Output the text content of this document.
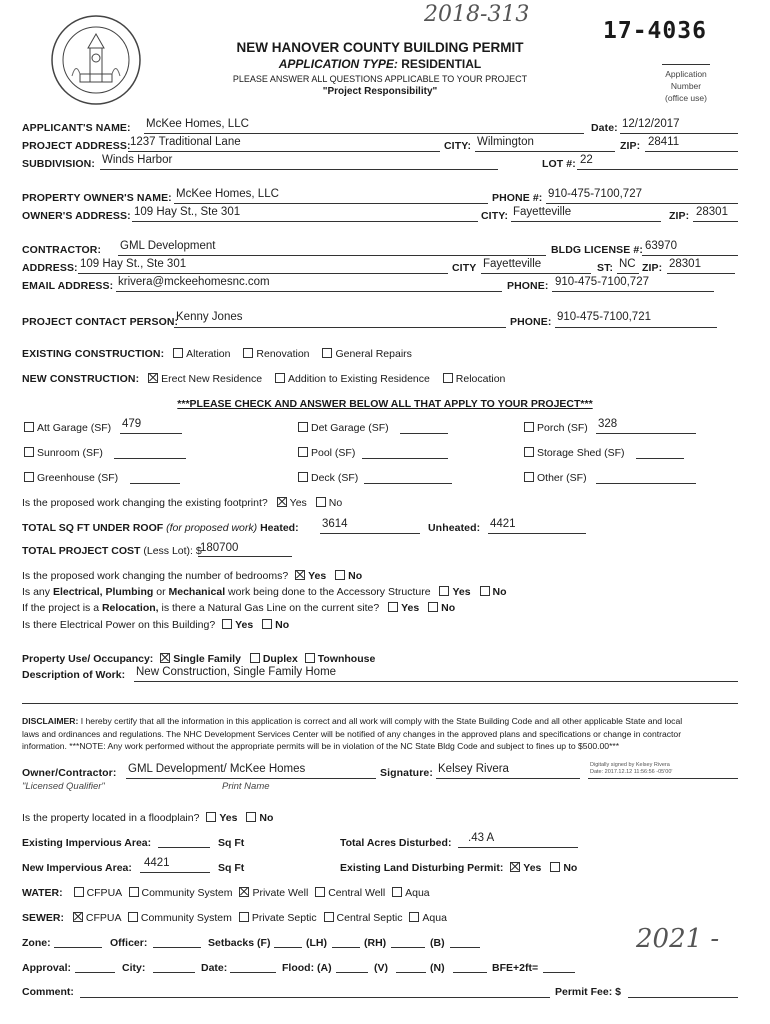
2018-313
17-4036
NEW HANOVER COUNTY BUILDING PERMIT
APPLICATION TYPE: RESIDENTIAL
PLEASE ANSWER ALL QUESTIONS APPLICABLE TO YOUR PROJECT
"Project Responsibility"
Application
Number
(office use)
APPLICANT'S NAME: McKee Homes, LLC	Date: 12/12/2017
PROJECT ADDRESS: 1237 Traditional Lane	CITY: Wilmington	ZIP: 28411
SUBDIVISION: Winds Harbor	LOT #: 22
PROPERTY OWNER'S NAME: McKee Homes, LLC	PHONE #: 910-475-7100,727
OWNER'S ADDRESS: 109 Hay St., Ste 301	CITY: Fayetteville	ZIP: 28301
CONTRACTOR: GML Development	BLDG LICENSE #: 63970
ADDRESS: 109 Hay St., Ste 301	CITY Fayetteville	ST: NC ZIP: 28301
EMAIL ADDRESS: krivera@mckeehomesnc.com	PHONE: 910-475-7100,727
PROJECT CONTACT PERSON:
Kenny Jones	PHONE: 910-475-7100,721
EXISTING CONSTRUCTION: Alteration Renovation General Repairs
NEW CONSTRUCTION: Erect New Residence Addition to Existing Residence Relocation
***PLEASE CHECK AND ANSWER BELOW ALL THAT APPLY TO YOUR PROJECT***
Att Garage (SF) 479	Det Garage (SF)	Porch (SF) 328
Sunroom (SF)	Pool (SF)	Storage Shed (SF)
Greenhouse (SF)	Deck (SF)	Other (SF)
Is the proposed work changing the existing footprint? Yes No
TOTAL SQ FT UNDER ROOF (for proposed work) Heated: 3614	Unheated: 4421
TOTAL PROJECT COST (Less Lot): $
180700
Is the proposed work changing the number of bedrooms? Yes No
Is any Electrical, Plumbing or Mechanical work being done to the Accessory Structure Yes No
If the project is a Relocation, is there a Natural Gas Line on the current site? Yes No
Is there Electrical Power on this Building? Yes No
Property Use/ Occupancy: Single Family Duplex Townhouse
Description of Work: New Construction, Single Family Home
DISCLAIMER: I hereby certify that all the information in this application is correct and all work will comply with the State Building Code and all other applicable State and local
laws and ordinances and regulations. The NHC Development Services Center will be notified of any changes in the approved plans and specifications or change in contractor
information. ***NOTE: Any work performed without the appropriate permits will be in violation of the NC State Bldg Code and subject to fines up to $500.00***
Owner/Contractor: GML Development/ McKee Homes	Signature: Kelsey Rivera	Digitally signed by Kelsey Rivera
Date: 2017.12.12 11:56:56 -05'00'
"Licensed Qualifier"	Print Name
Is the property located in a floodplain? Yes No
Existing Impervious Area:	Sq Ft	Total Acres Disturbed: .43 A
New Impervious Area: 4421	Sq Ft	Existing Land Disturbing Permit: Yes No
WATER: CFPUA Community System Private Well Central Well Aqua
SEWER: CFPUA Community System Private Septic Central Septic Aqua
Zone:	Officer:	Setbacks (F)	(LH)	(RH)	(B)	2021 -
Approval:	City:	Date:	Flood: (A)	(V)	(N)	BFE+2ft=
Comment:	Permit Fee: $
